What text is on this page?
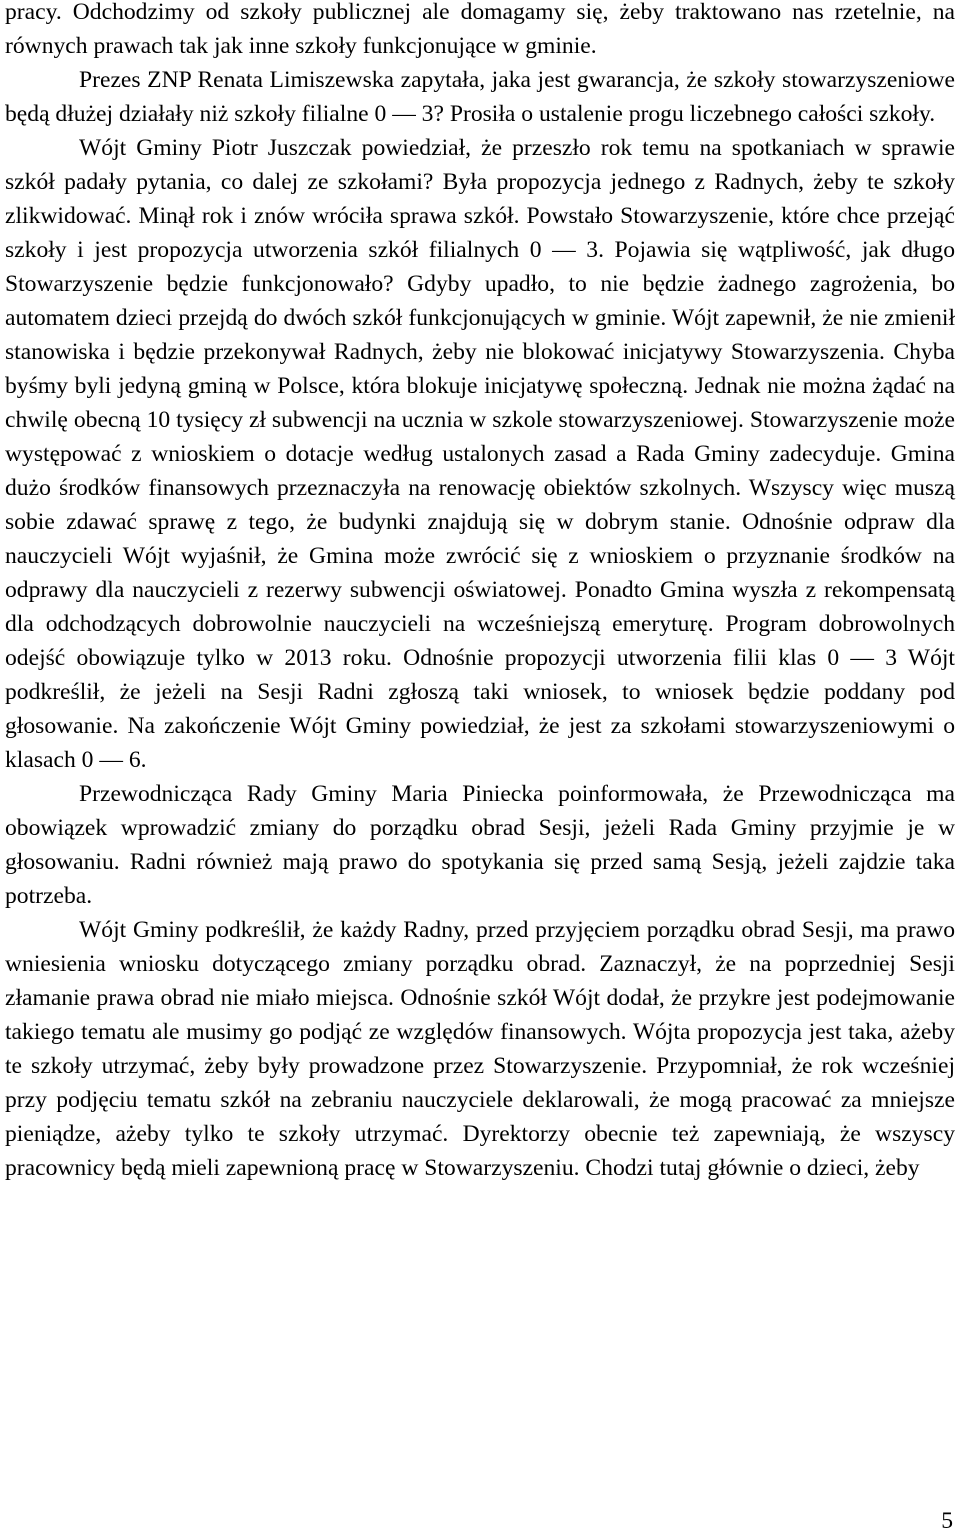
pracy. Odchodzimy od szkoły publicznej ale domagamy się, żeby traktowano nas rzetelnie, na równych prawach tak jak inne szkoły funkcjonujące w gminie.

Prezes ZNP Renata Limiszewska zapytała, jaka jest gwarancja, że szkoły stowarzyszeniowe będą dłużej działały niż szkoły filialne 0 — 3? Prosiła o ustalenie progu liczebnego całości szkoły.

Wójt Gminy Piotr Juszczak powiedział, że przeszło rok temu na spotkaniach w sprawie szkół padały pytania, co dalej ze szkołami? Była propozycja jednego z Radnych, żeby te szkoły zlikwidować. Minął rok i znów wróciła sprawa szkół. Powstało Stowarzyszenie, które chce przejąć szkoły i jest propozycja utworzenia szkół filialnych 0 — 3. Pojawia się wątpliwość, jak długo Stowarzyszenie będzie funkcjonowało? Gdyby upadło, to nie będzie żadnego zagrożenia, bo automatem dzieci przejdą do dwóch szkół funkcjonujących w gminie. Wójt zapewnił, że nie zmienił stanowiska i będzie przekonywał Radnych, żeby nie blokować inicjatywy Stowarzyszenia. Chyba byśmy byli jedyną gminą w Polsce, która blokuje inicjatywę społeczną. Jednak nie można żądać na chwilę obecną 10 tysięcy zł subwencji na ucznia w szkole stowarzyszeniowej. Stowarzyszenie może występować z wnioskiem o dotacje według ustalonych zasad a Rada Gminy zadecyduje. Gmina dużo środków finansowych przeznaczyła na renowację obiektów szkolnych. Wszyscy więc muszą sobie zdawać sprawę z tego, że budynki znajdują się w dobrym stanie. Odnośnie odpraw dla nauczycieli Wójt wyjaśnił, że Gmina może zwrócić się z wnioskiem o przyznanie środków na odprawy dla nauczycieli z rezerwy subwencji oświatowej. Ponadto Gmina wyszła z rekompensatą dla odchodzących dobrowolnie nauczycieli na wcześniejszą emeryturę. Program dobrowolnych odejść obowiązuje tylko w 2013 roku. Odnośnie propozycji utworzenia filii klas 0 — 3 Wójt podkreślił, że jeżeli na Sesji Radni zgłoszą taki wniosek, to wniosek będzie poddany pod głosowanie. Na zakończenie Wójt Gminy powiedział, że jest za szkołami stowarzyszeniowymi o klasach 0 — 6.

Przewodnicząca Rady Gminy Maria Piniecka poinformowała, że Przewodnicząca ma obowiązek wprowadzić zmiany do porządku obrad Sesji, jeżeli Rada Gminy przyjmie je w głosowaniu. Radni również mają prawo do spotykania się przed samą Sesją, jeżeli zajdzie taka potrzeba.

Wójt Gminy podkreślił, że każdy Radny, przed przyjęciem porządku obrad Sesji, ma prawo wniesienia wniosku dotyczącego zmiany porządku obrad. Zaznaczył, że na poprzedniej Sesji złamanie prawa obrad nie miało miejsca. Odnośnie szkół Wójt dodał, że przykre jest podejmowanie takiego tematu ale musimy go podjąć ze względów finansowych. Wójta propozycja jest taka, ażeby te szkoły utrzymać, żeby były prowadzone przez Stowarzyszenie. Przypomniał, że rok wcześniej przy podjęciu tematu szkół na zebraniu nauczyciele deklarowali, że mogą pracować za mniejsze pieniądze, ażeby tylko te szkoły utrzymać. Dyrektorzy obecnie też zapewniają, że wszyscy pracownicy będą mieli zapewnioną pracę w Stowarzyszeniu. Chodzi tutaj głównie o dzieci, żeby

5
